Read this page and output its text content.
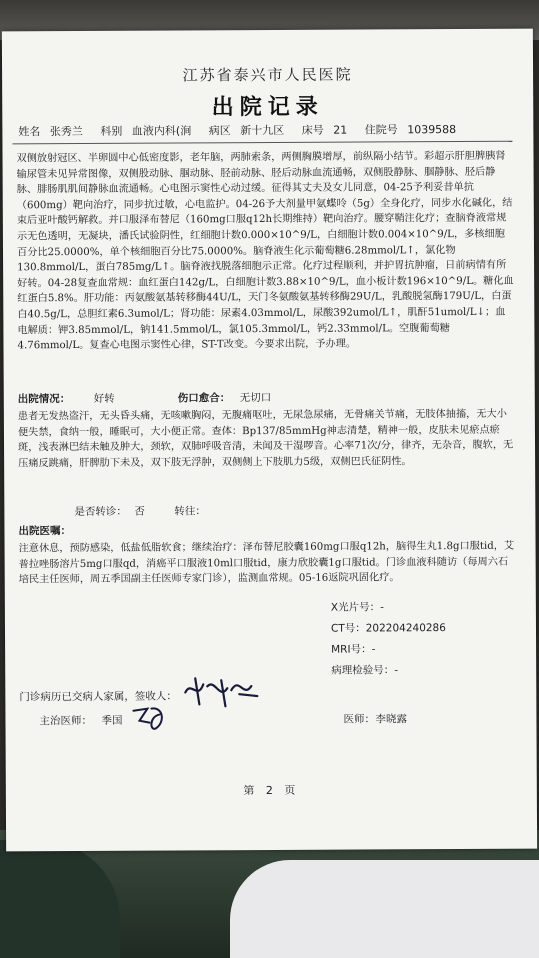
江苏省泰兴市人民医院
出院记录
姓名 张秀兰 科别 血液内科(涧 病区 新十九区 床号 21 住院号 1039588
双侧放射冠区、半卵圆中心低密度影，老年脑，两肺索条，两侧胸膜增厚，前纵隔小结节。彩超示肝胆脾胰肾输尿管未见异常图像，双侧股动脉、腘动脉、胫前动脉、胫后动脉血流通畅，双侧股静脉、腘静脉、胫后静脉、腓肠肌肌间静脉血流通畅。心电图示窦性心动过缓。征得其丈夫及女儿同意，04-25予利妥昔单抗（600mg）靶向治疗，同步抗过敏，心电监护。04-26予大剂量甲氨蝶呤（5g）全身化疗，同步水化碱化，结束后亚叶酸钙解救。并口服泽布替尼（160mg口服q12h长期维持）靶向治疗。腰穿鞘注化疗；查脑脊液常规示无色透明，无凝块，潘氏试验阴性，红细胞计数0.000×10^9/L，白细胞计数0.004×10^9/L，多核细胞百分比25.0000%，单个核细胞百分比75.0000%。脑脊液生化示葡萄糖6.28mmol/L↑，氯化物130.8mmol/L，蛋白785mg/L↑。脑脊液找脱落细胞示正常。化疗过程顺利，并护胃抗肿瘤，日前病情有所好转。04-28复查血常规：血红蛋白142g/L，白细胞计数3.88×10^9/L，血小板计数196×10^9/L。糖化血红蛋白5.8%。肝功能：丙氨酸氨基转移酶44U/L，天门冬氨酸氨基转移酶29U/L，乳酸脱氢酶179U/L，白蛋白40.5g/L，总胆红素6.3umol/L；肾功能：尿素4.03mmol/L，尿酸392umol/L↑，肌酐51umol/L↓；血电解质：钾3.85mmol/L，钠141.5mmol/L，氯105.3mmol/L，钙2.33mmol/L。空腹葡萄糖4.76mmol/L。复查心电图示窦性心律，ST-T改变。今要求出院，予办理。
出院情况： 好转	伤口愈合： 无切口
患者无发热盗汗，无头昏头痛，无咳嗽胸闷，无腹痛呕吐，无尿急尿痛，无骨痛关节痛，无肢体抽搐，无大小便失禁，食纳一般，睡眠可，大小便正常。查体：Bp137/85mmHg神志清楚，精神一般，皮肤未见瘀点瘀斑，浅表淋巴结未触及肿大，颈软，双肺呼吸音清，未闻及干湿啰音。心率71次/分，律齐，无杂音，腹软，无压痛反跳痛，肝脾肋下未及，双下肢无浮肿，双侧侧上下肢肌力5级，双侧巴氏征阴性。
是否转诊： 否	转往：
出院医嘱：
注意休息，预防感染，低盐低脂软食；继续治疗：泽布替尼胶囊160mg口服q12h，脑得生丸1.8g口服tid，艾普拉唑肠溶片5mg口服qd，消癌平口服液10ml口服tid，康力欣胶囊1g口服tid。门诊血液科随访（每周六石培民主任医师，周五季国副主任医师专家门诊），监测血常规。05-16返院巩固化疗。
X光片号：-
CT号：202204240286
MRI号：-
病理检验号：-
门诊病历已交病人家属，签收人：
主治医师： 季国	医师： 李晓露
第 2 页
